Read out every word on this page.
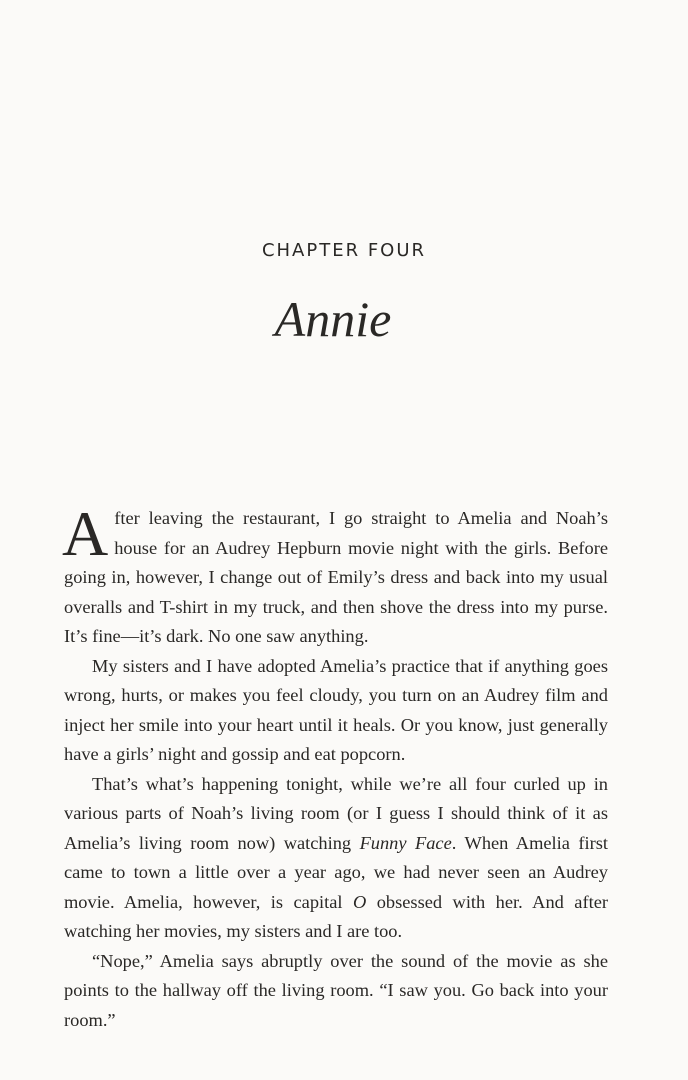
CHAPTER FOUR
Annie

After leaving the restaurant, I go straight to Amelia and Noah’s house for an Audrey Hepburn movie night with the girls. Before going in, however, I change out of Emily’s dress and back into my usual overalls and T-shirt in my truck, and then shove the dress into my purse. It’s fine—it’s dark. No one saw anything.

My sisters and I have adopted Amelia’s practice that if anything goes wrong, hurts, or makes you feel cloudy, you turn on an Audrey film and inject her smile into your heart until it heals. Or you know, just generally have a girls’ night and gossip and eat popcorn.

That’s what’s happening tonight, while we’re all four curled up in various parts of Noah’s living room (or I guess I should think of it as Amelia’s living room now) watching Funny Face. When Amelia first came to town a little over a year ago, we had never seen an Audrey movie. Amelia, however, is capital O obsessed with her. And after watching her movies, my sisters and I are too.

“Nope,” Amelia says abruptly over the sound of the movie as she points to the hallway off the living room. “I saw you. Go back into your room.”
